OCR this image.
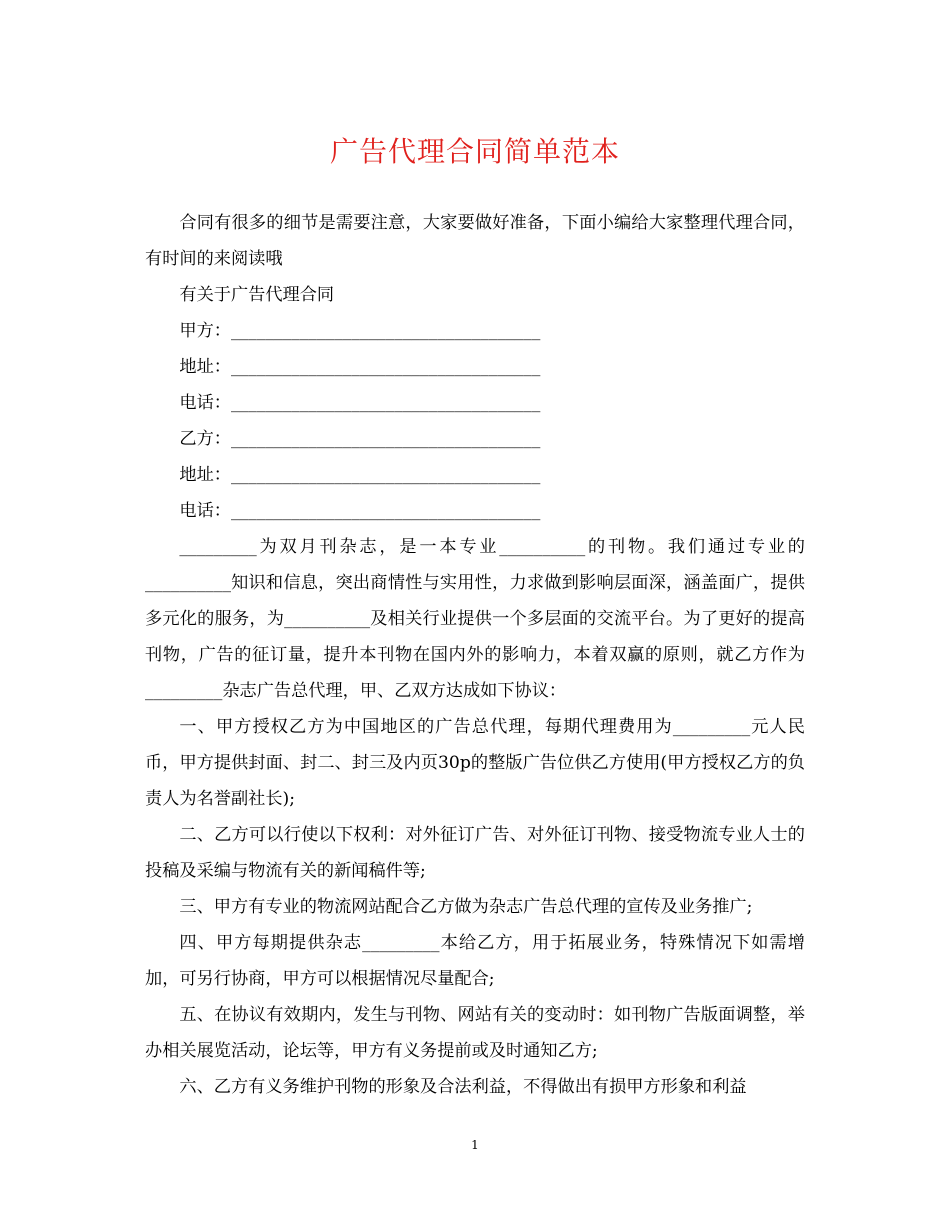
广告代理合同简单范本

合同有很多的细节是需要注意，大家要做好准备，下面小编给大家整理代理合同，有时间的来阅读哦

有关于广告代理合同

甲方：____________________________________

地址：____________________________________

电话：____________________________________

乙方：____________________________________

地址：____________________________________

电话：____________________________________

_________为双月刊杂志，是一本专业__________的刊物。我们通过专业的__________知识和信息，突出商情性与实用性，力求做到影响层面深，涵盖面广，提供多元化的服务，为__________及相关行业提供一个多层面的交流平台。为了更好的提高刊物，广告的征订量，提升本刊物在国内外的影响力，本着双赢的原则，就乙方作为_________杂志广告总代理，甲、乙双方达成如下协议：

一、甲方授权乙方为中国地区的广告总代理，每期代理费用为_________元人民币，甲方提供封面、封二、封三及内页30p的整版广告位供乙方使用(甲方授权乙方的负责人为名誉副社长);

二、乙方可以行使以下权利：对外征订广告、对外征订刊物、接受物流专业人士的投稿及采编与物流有关的新闻稿件等;

三、甲方有专业的物流网站配合乙方做为杂志广告总代理的宣传及业务推广;

四、甲方每期提供杂志_________本给乙方，用于拓展业务，特殊情况下如需增加，可另行协商，甲方可以根据情况尽量配合;

五、在协议有效期内，发生与刊物、网站有关的变动时：如刊物广告版面调整，举办相关展览活动，论坛等，甲方有义务提前或及时通知乙方;

六、乙方有义务维护刊物的形象及合法利益，不得做出有损甲方形象和利益

1
